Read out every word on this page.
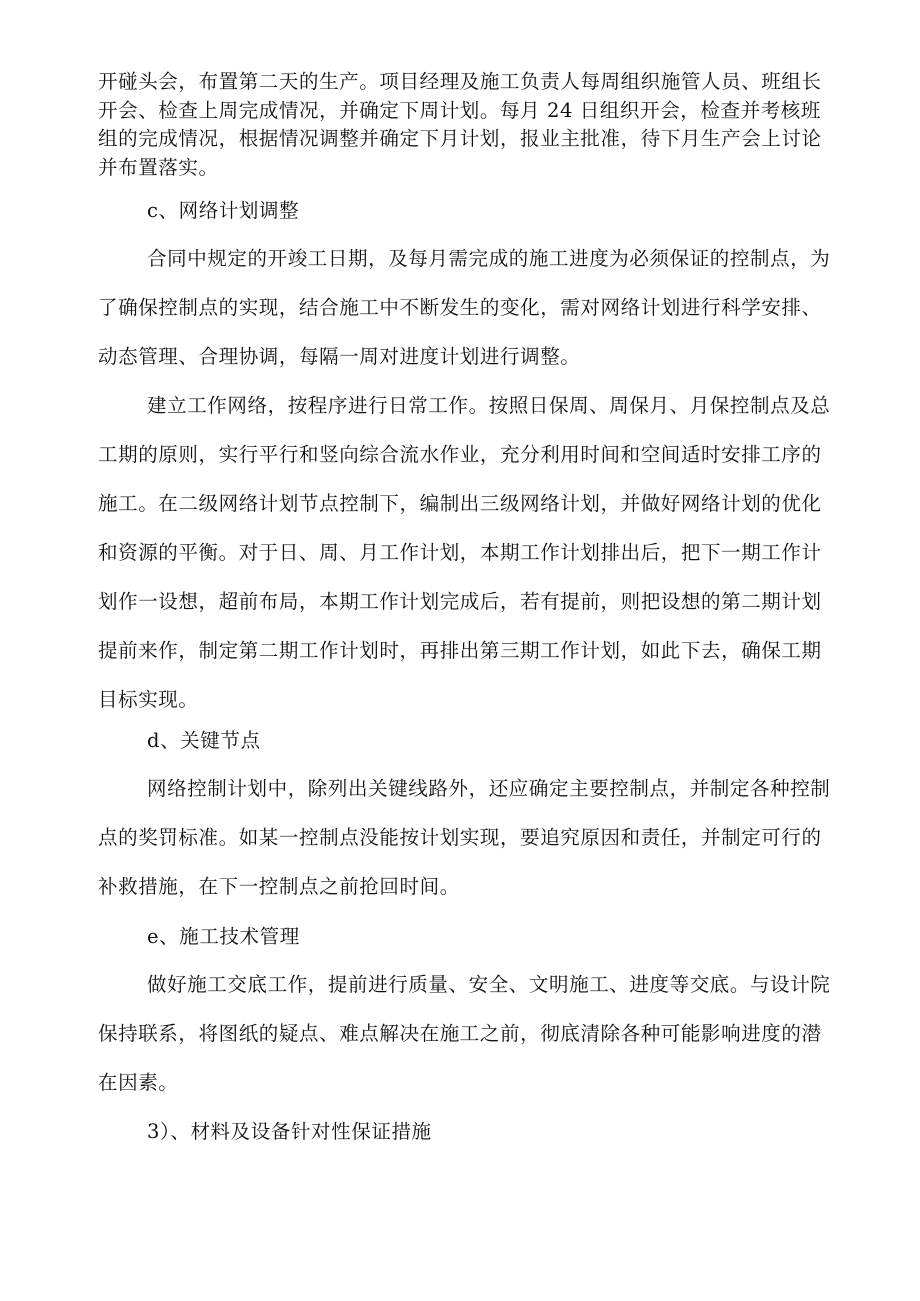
开碰头会，布置第二天的生产。项目经理及施工负责人每周组织施管人员、班组长开会、检查上周完成情况，并确定下周计划。每月 24 日组织开会，检查并考核班组的完成情况，根据情况调整并确定下月计划，报业主批准，待下月生产会上讨论并布置落实。

c、网络计划调整

合同中规定的开竣工日期，及每月需完成的施工进度为必须保证的控制点，为了确保控制点的实现，结合施工中不断发生的变化，需对网络计划进行科学安排、动态管理、合理协调，每隔一周对进度计划进行调整。

建立工作网络，按程序进行日常工作。按照日保周、周保月、月保控制点及总工期的原则，实行平行和竖向综合流水作业，充分利用时间和空间适时安排工序的施工。在二级网络计划节点控制下，编制出三级网络计划，并做好网络计划的优化和资源的平衡。对于日、周、月工作计划，本期工作计划排出后，把下一期工作计划作一设想，超前布局，本期工作计划完成后，若有提前，则把设想的第二期计划提前来作，制定第二期工作计划时，再排出第三期工作计划，如此下去，确保工期目标实现。

d、关键节点

网络控制计划中，除列出关键线路外，还应确定主要控制点，并制定各种控制点的奖罚标准。如某一控制点没能按计划实现，要追究原因和责任，并制定可行的补救措施，在下一控制点之前抢回时间。

e、施工技术管理

做好施工交底工作，提前进行质量、安全、文明施工、进度等交底。与设计院保持联系，将图纸的疑点、难点解决在施工之前，彻底清除各种可能影响进度的潜在因素。

3）、材料及设备针对性保证措施
